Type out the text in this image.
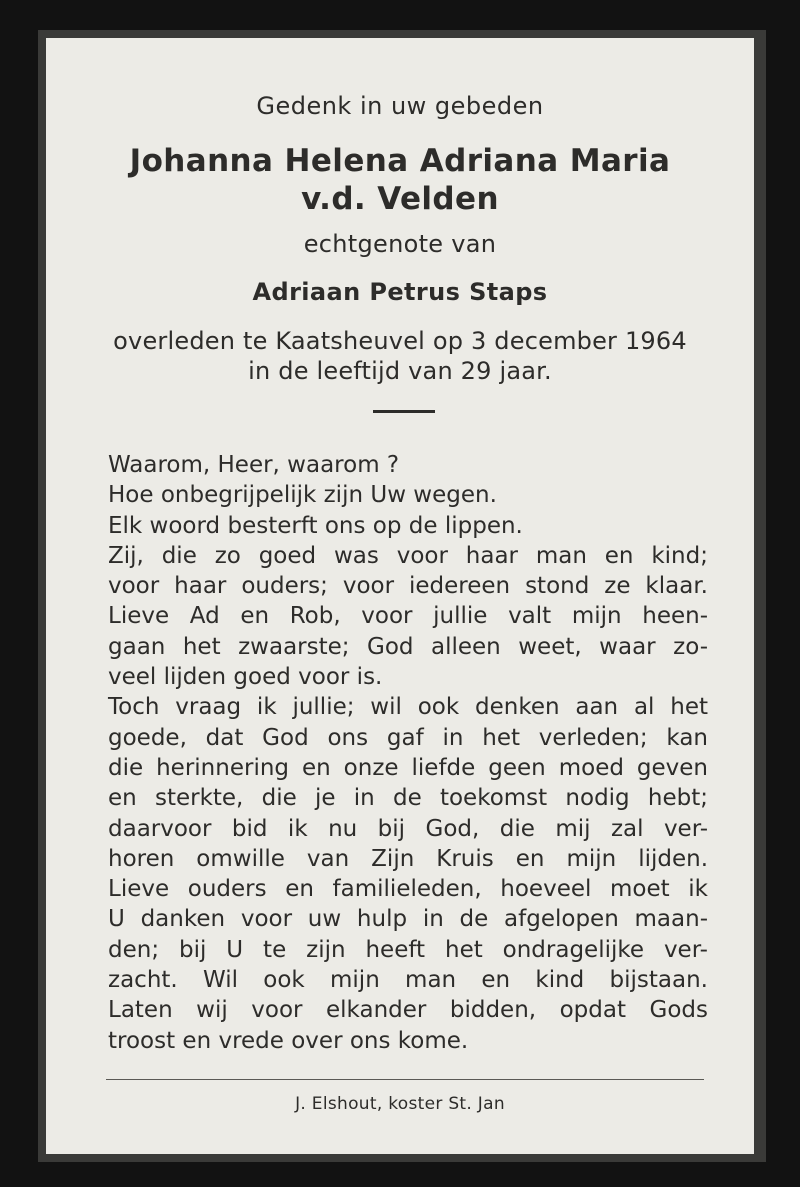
Gedenk in uw gebeden
Johanna Helena Adriana Maria
v.d. Velden
echtgenote van
Adriaan Petrus Staps
overleden te Kaatsheuvel op 3 december 1964
in de leeftijd van 29 jaar.
Waarom, Heer, waarom ?
Hoe onbegrijpelijk zijn Uw wegen.
Elk woord besterft ons op de lippen.
Zij, die zo goed was voor haar man en kind;
voor haar ouders; voor iedereen stond ze klaar.
Lieve Ad en Rob, voor jullie valt mijn heen-
gaan het zwaarste; God alleen weet, waar zo-
veel lijden goed voor is.
Toch vraag ik jullie; wil ook denken aan al het
goede, dat God ons gaf in het verleden; kan
die herinnering en onze liefde geen moed geven
en sterkte, die je in de toekomst nodig hebt;
daarvoor bid ik nu bij God, die mij zal ver-
horen omwille van Zijn Kruis en mijn lijden.
Lieve ouders en familieleden, hoeveel moet ik
U danken voor uw hulp in de afgelopen maan-
den; bij U te zijn heeft het ondragelijke ver-
zacht. Wil ook mijn man en kind bijstaan.
Laten wij voor elkander bidden, opdat Gods
troost en vrede over ons kome.
J. Elshout, koster St. Jan
